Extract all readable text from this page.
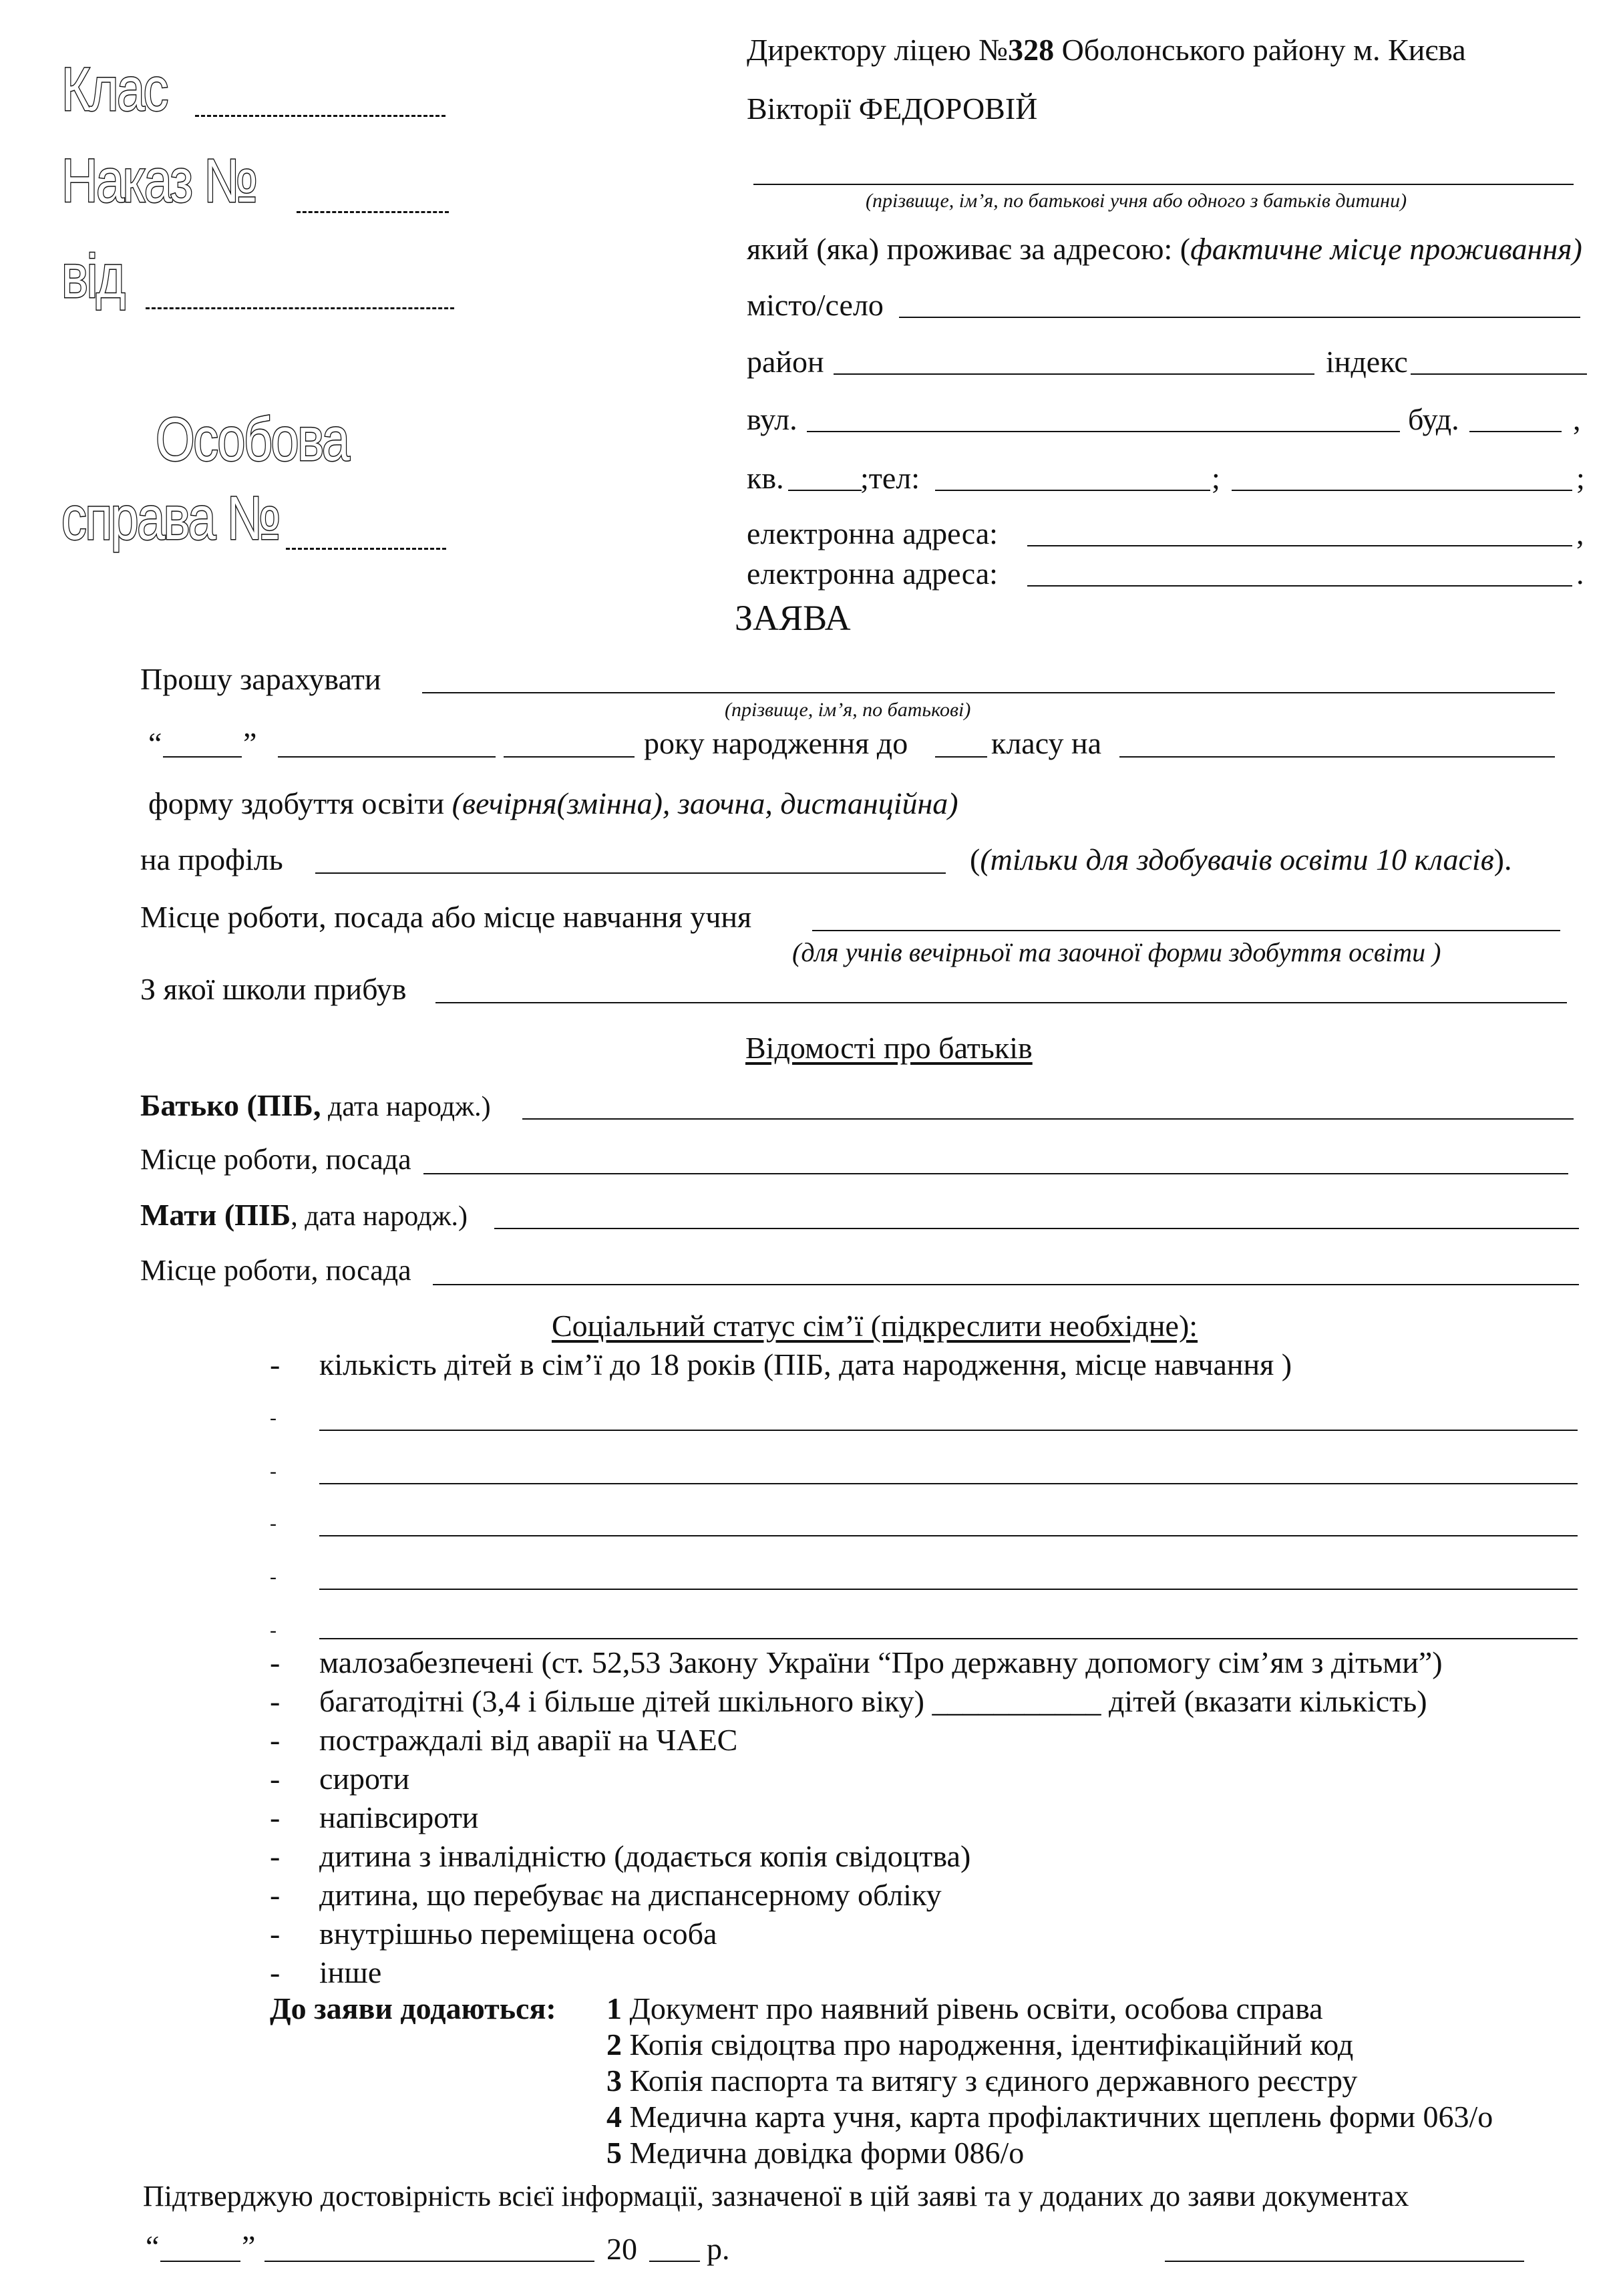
Клас
Наказ №
від
Особова
справа №
Директору ліцею №328 Оболонського району м. Києва
Вікторії ФЕДОРОВІЙ
(прізвище, ім’я, по батькові учня або одного з батьків дитини)
який (яка) проживає за адресою: (фактичне місце проживання)
місто/село
район	індекс
вул.	буд.	,
кв. ;тел:	;	;
електронна адреса:	,
електронна адреса:	.
ЗАЯВА
Прошу зарахувати
(прізвище, ім’я, по батькові)
“	”	року народження до	класу на
форму здобуття освіти (вечірня(змінна), заочна, дистанційна)
на профіль	((тільки для здобувачів освіти 10 класів).
Місце роботи, посада або місце навчання учня
(для учнів вечірньої та заочної форми здобуття освіти )
З якої школи прибув
Відомості про батьків
Батько (ПІБ, дата народж.)
Місце роботи, посада
Мати (ПІБ, дата народж.)
Місце роботи, посада
Соціальний статус сім’ї (підкреслити необхідне):
- кількість дітей в сім’ї до 18 років (ПІБ, дата народження, місце навчання )
-
-
-
-
-
- малозабезпечені (ст. 52,53 Закону України “Про державну допомогу сім’ям з дітьми”)
- багатодітні (3,4 і більше дітей шкільного віку) ___________ дітей (вказати кількість)
- постраждалі від аварії на ЧАЕС
- сироти
- напівсироти
- дитина з інвалідністю (додається копія свідоцтва)
- дитина, що перебуває на диспансерному обліку
- внутрішньо переміщена особа
- інше
До заяви додаються: 1 Документ про наявний рівень освіти, особова справа
2 Копія свідоцтва про народження, ідентифікаційний код
3 Копія паспорта та витягу з єдиного державного реєстру
4 Медична карта учня, карта профілактичних щеплень форми 063/о
5 Медична довідка форми 086/о
Підтверджую достовірність всієї інформації, зазначеної в цій заяві та у доданих до заяви документах
“	”	20 р.
